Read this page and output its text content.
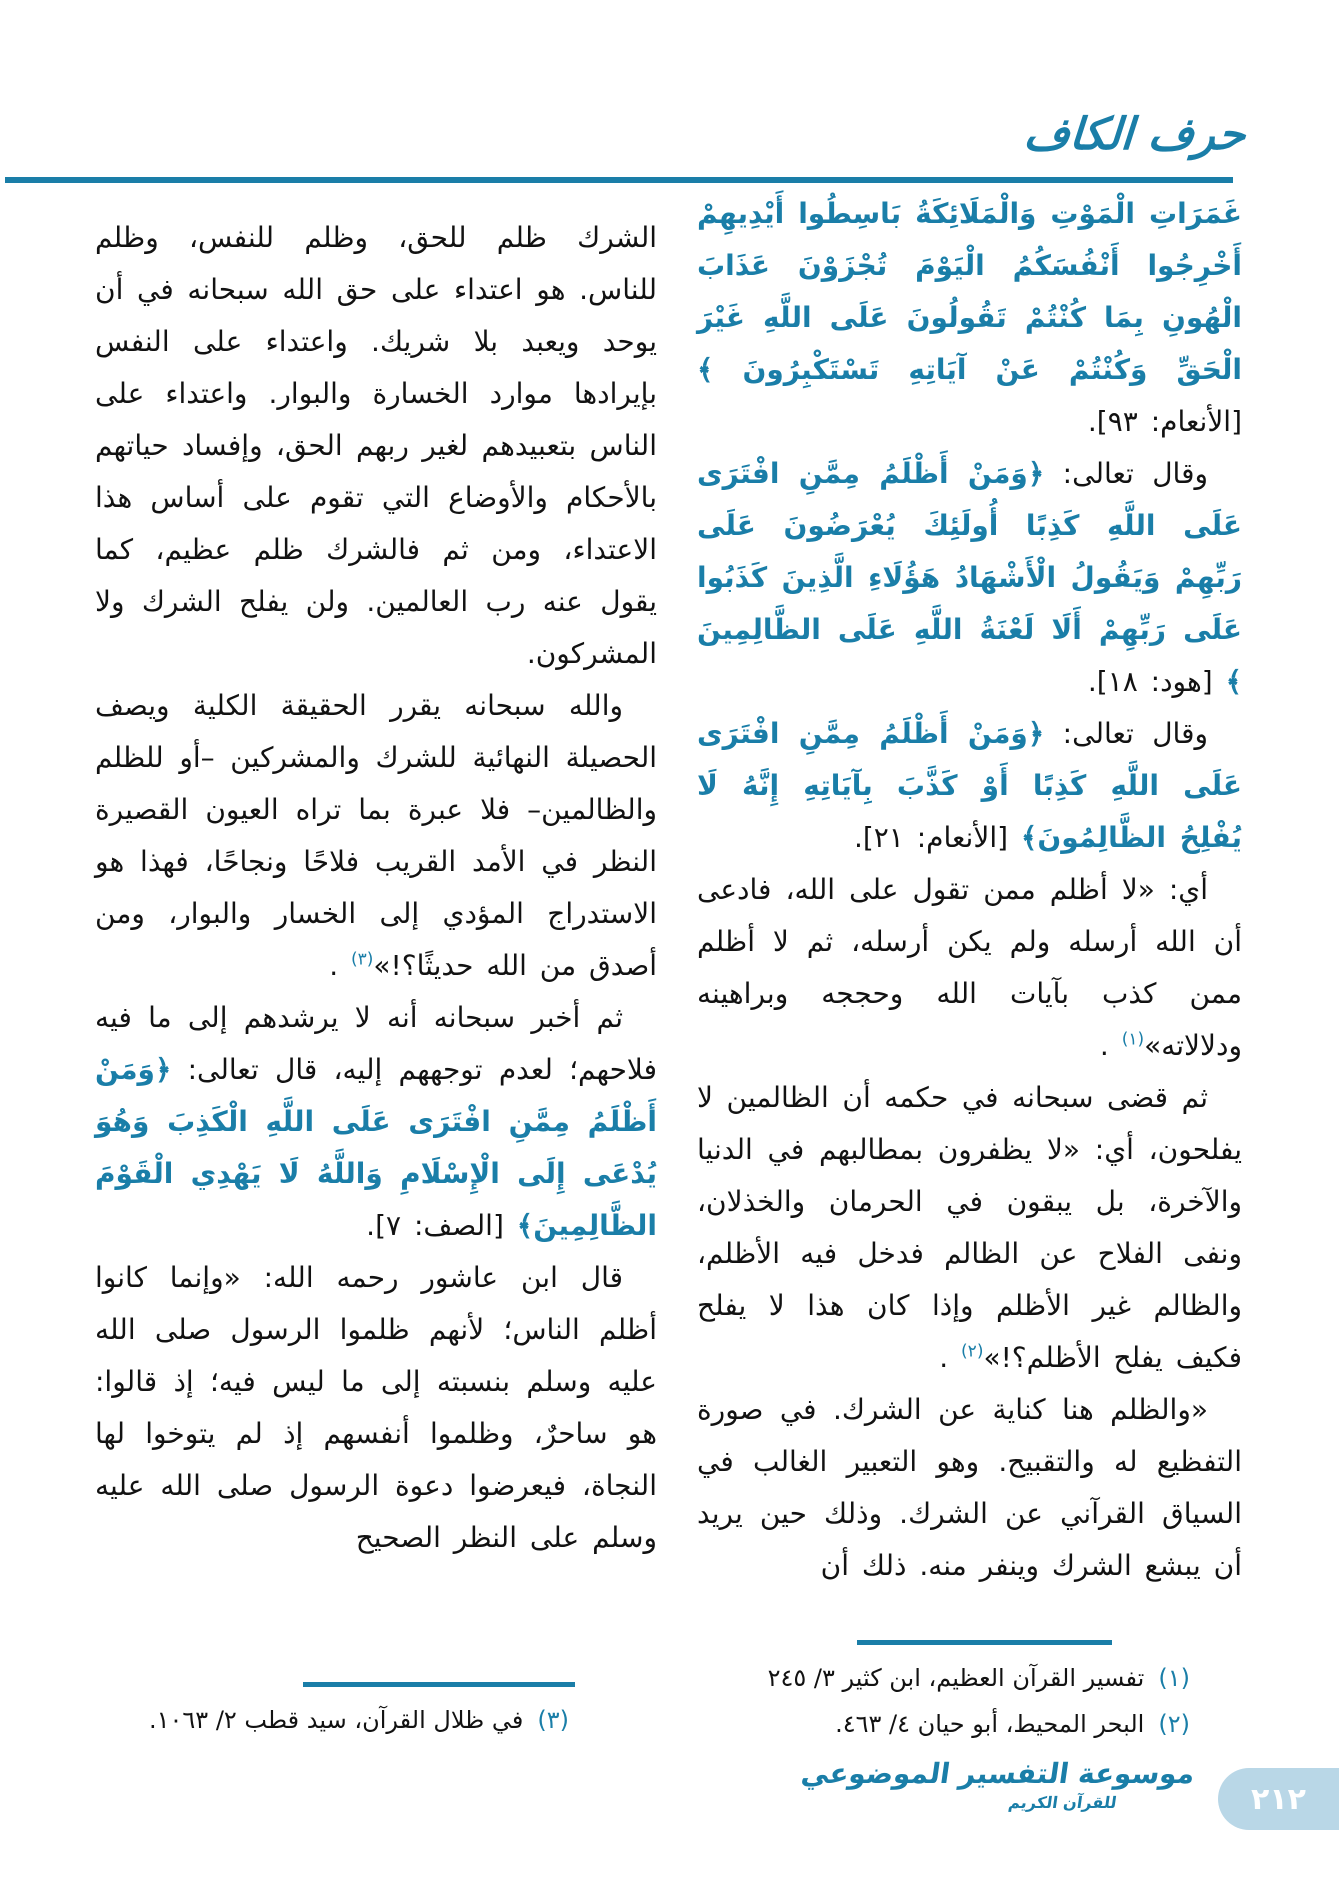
حرف الكاف

غَمَرَاتِ الْمَوْتِ وَالْمَلَائِكَةُ بَاسِطُوا أَيْدِيهِمْ أَخْرِجُوا أَنْفُسَكُمُ الْيَوْمَ تُجْزَوْنَ عَذَابَ الْهُونِ بِمَا كُنْتُمْ تَقُولُونَ عَلَى اللَّهِ غَيْرَ الْحَقِّ وَكُنْتُمْ عَنْ آيَاتِهِ تَسْتَكْبِرُونَ ﴾ [الأنعام: ٩٣].

وقال تعالى: ﴿وَمَنْ أَظْلَمُ مِمَّنِ افْتَرَى عَلَى اللَّهِ كَذِبًا أُولَئِكَ يُعْرَضُونَ عَلَى رَبِّهِمْ وَيَقُولُ الْأَشْهَادُ هَؤُلَاءِ الَّذِينَ كَذَبُوا عَلَى رَبِّهِمْ أَلَا لَعْنَةُ اللَّهِ عَلَى الظَّالِمِينَ ﴾ [هود: ١٨].

وقال تعالى: ﴿وَمَنْ أَظْلَمُ مِمَّنِ افْتَرَى عَلَى اللَّهِ كَذِبًا أَوْ كَذَّبَ بِآيَاتِهِ إِنَّهُ لَا يُفْلِحُ الظَّالِمُونَ﴾ [الأنعام: ٢١].

أي: «لا أظلم ممن تقول على الله، فادعى أن الله أرسله ولم يكن أرسله، ثم لا أظلم ممن كذب بآيات الله وحججه وبراهينه ودلالاته»$^{(١)}$ .

ثم قضى سبحانه في حكمه أن الظالمين لا يفلحون، أي: «لا يظفرون بمطالبهم في الدنيا والآخرة، بل يبقون في الحرمان والخذلان، ونفى الفلاح عن الظالم فدخل فيه الأظلم، والظالم غير الأظلم وإذا كان هذا لا يفلح فكيف يفلح الأظلم؟!»$^{(٢)}$ .

«والظلم هنا كناية عن الشرك. في صورة التفظيع له والتقبيح. وهو التعبير الغالب في السياق القرآني عن الشرك. وذلك حين يريد أن يبشع الشرك وينفر منه. ذلك أن

(١)تفسير القرآن العظيم، ابن كثير ٣/ ٢٤٥
(٢)البحر المحيط، أبو حيان ٤/ ٤٦٣.

الشرك ظلم للحق، وظلم للنفس، وظلم للناس. هو اعتداء على حق الله سبحانه في أن يوحد ويعبد بلا شريك. واعتداء على النفس بإيرادها موارد الخسارة والبوار. واعتداء على الناس بتعبيدهم لغير ربهم الحق، وإفساد حياتهم بالأحكام والأوضاع التي تقوم على أساس هذا الاعتداء، ومن ثم فالشرك ظلم عظيم، كما يقول عنه رب العالمين. ولن يفلح الشرك ولا المشركون.

والله سبحانه يقرر الحقيقة الكلية ويصف الحصيلة النهائية للشرك والمشركين –أو للظلم والظالمين– فلا عبرة بما تراه العيون القصيرة النظر في الأمد القريب فلاحًا ونجاحًا، فهذا هو الاستدراج المؤدي إلى الخسار والبوار، ومن أصدق من الله حديثًا؟!»$^{(٣)}$ .

ثم أخبر سبحانه أنه لا يرشدهم إلى ما فيه فلاحهم؛ لعدم توجههم إليه، قال تعالى: ﴿وَمَنْ أَظْلَمُ مِمَّنِ افْتَرَى عَلَى اللَّهِ الْكَذِبَ وَهُوَ يُدْعَى إِلَى الْإِسْلَامِ وَاللَّهُ لَا يَهْدِي الْقَوْمَ الظَّالِمِينَ﴾ [الصف: ٧].

قال ابن عاشور رحمه الله: «وإنما كانوا أظلم الناس؛ لأنهم ظلموا الرسول صلى الله عليه وسلم بنسبته إلى ما ليس فيه؛ إذ قالوا: هو ساحرٌ، وظلموا أنفسهم إذ لم يتوخوا لها النجاة، فيعرضوا دعوة الرسول صلى الله عليه وسلم على النظر الصحيح

(٣)في ظلال القرآن، سيد قطب ٢/ ١٠٦٣.
موسوعة التفسير الموضوعي
للقرآن الكريم	٢١٢
